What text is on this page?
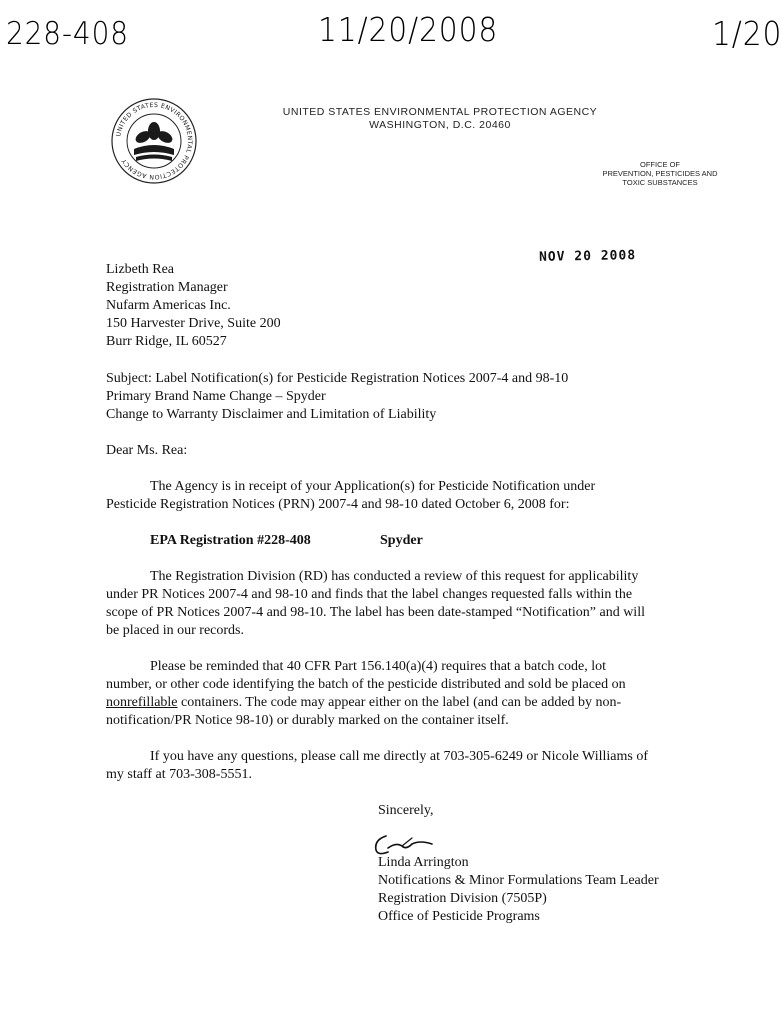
228-408	11/20/2008	1/20
UNITED STATES ENVIRONMENTAL PROTECTION AGENCY
UNITED STATES ENVIRONMENTAL PROTECTION AGENCY
WASHINGTON, D.C. 20460
OFFICE OF
PREVENTION, PESTICIDES AND
TOXIC SUBSTANCES
NOV 20 2008
Lizbeth Rea
Registration Manager
Nufarm Americas Inc.
150 Harvester Drive, Suite 200
Burr Ridge, IL 60527
Subject: Label Notification(s) for Pesticide Registration Notices 2007-4 and 98-10
Primary Brand Name Change – Spyder
Change to Warranty Disclaimer and Limitation of Liability
Dear Ms. Rea:
The Agency is in receipt of your Application(s) for Pesticide Notification under
Pesticide Registration Notices (PRN) 2007-4 and 98-10 dated October 6, 2008 for:
EPA Registration #228-408	Spyder
The Registration Division (RD) has conducted a review of this request for applicability
under PR Notices 2007-4 and 98-10 and finds that the label changes requested falls within the
scope of PR Notices 2007-4 and 98-10. The label has been date-stamped “Notification” and will
be placed in our records.
Please be reminded that 40 CFR Part 156.140(a)(4) requires that a batch code, lot
number, or other code identifying the batch of the pesticide distributed and sold be placed on
nonrefillable containers. The code may appear either on the label (and can be added by non-
notification/PR Notice 98-10) or durably marked on the container itself.
If you have any questions, please call me directly at 703-305-6249 or Nicole Williams of
my staff at 703-308-5551.
Sincerely,
Linda Arrington
Notifications & Minor Formulations Team Leader
Registration Division (7505P)
Office of Pesticide Programs
